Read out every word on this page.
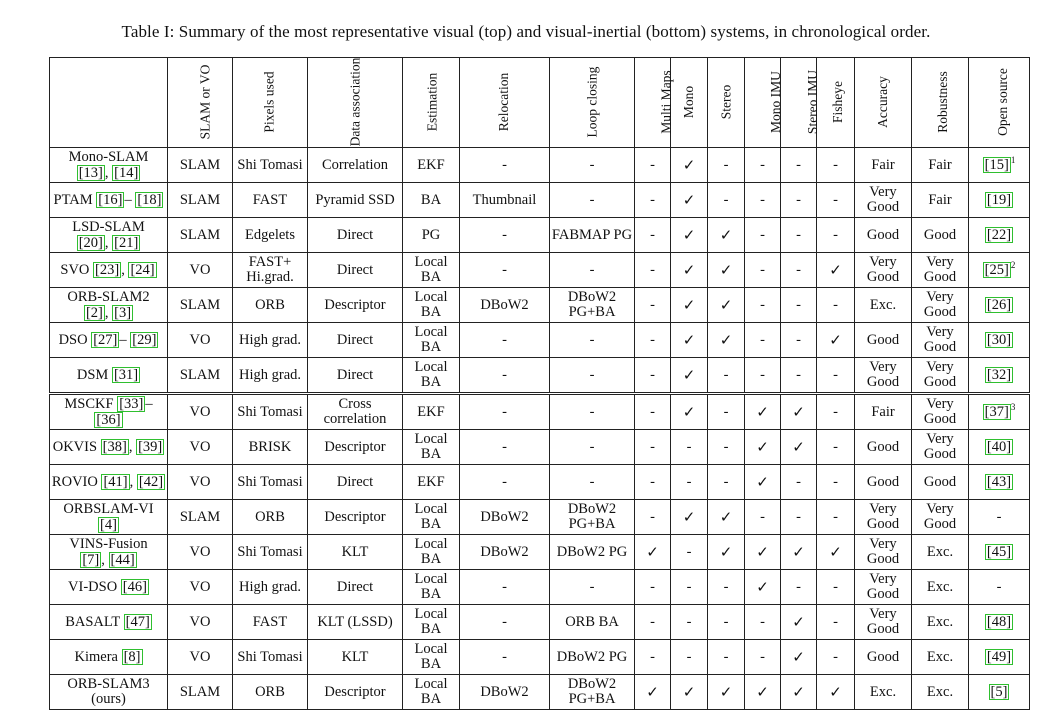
Table I: Summary of the most representative visual (top) and visual-inertial (bottom) systems, in chronological order.
	SLAM or VO	Pixels used	Data association	Estimation	Relocation	Loop closing	Multi Maps	Mono	Stereo	Mono IMU	Stereo IMU	Fisheye	Accuracy	Robustness	Open source
Mono-SLAM
[13] , [14]	SLAM	Shi Tomasi	Correlation	EKF	-	-	-	✓	-	-	-	-	Fair	Fair	[15] $^1$
PTAM [16] – [18]	SLAM	FAST	Pyramid SSD	BA	Thumbnail	-	-	✓	-	-	-	-	Very Good	Fair	[19]
LSD-SLAM
[20] , [21]	SLAM	Edgelets	Direct	PG	-	FABMAP PG	-	✓	✓	-	-	-	Good	Good	[22]
SVO [23] , [24]	VO	FAST+ Hi.grad.	Direct	Local BA	-	-	-	✓	✓	-	-	✓	Very Good	Very Good	[25] $^2$
ORB-SLAM2
[2] , [3]	SLAM	ORB	Descriptor	Local BA	DBoW2	DBoW2 PG+BA	-	✓	✓	-	-	-	Exc.	Very Good	[26]
DSO [27] – [29]	VO	High grad.	Direct	Local BA	-	-	-	✓	✓	-	-	✓	Good	Very Good	[30]
DSM [31]	SLAM	High grad.	Direct	Local BA	-	-	-	✓	-	-	-	-	Very Good	Very Good	[32]
MSCKF [33] – [36]	VO	Shi Tomasi	Cross correlation	EKF	-	-	-	✓	-	✓	✓	-	Fair	Very Good	[37] $^3$
OKVIS [38] , [39]	VO	BRISK	Descriptor	Local BA	-	-	-	-	-	✓	✓	-	Good	Very Good	[40]
ROVIO [41] , [42]	VO	Shi Tomasi	Direct	EKF	-	-	-	-	-	✓	-	-	Good	Good	[43]
ORBSLAM-VI
[4]	SLAM	ORB	Descriptor	Local BA	DBoW2	DBoW2 PG+BA	-	✓	✓	-	-	-	Very Good	Very Good	-
VINS-Fusion
[7] , [44]	VO	Shi Tomasi	KLT	Local BA	DBoW2	DBoW2 PG	✓	-	✓	✓	✓	✓	Very Good	Exc.	[45]
VI-DSO [46]	VO	High grad.	Direct	Local BA	-	-	-	-	-	✓	-	-	Very Good	Exc.	-
BASALT [47]	VO	FAST	KLT (LSSD)	Local BA	-	ORB BA	-	-	-	-	✓	-	Very Good	Exc.	[48]
Kimera [8]	VO	Shi Tomasi	KLT	Local BA	-	DBoW2 PG	-	-	-	-	✓	-	Good	Exc.	[49]
ORB-SLAM3
(ours)	SLAM	ORB	Descriptor	Local BA	DBoW2	DBoW2 PG+BA	✓	✓	✓	✓	✓	✓	Exc.	Exc.	[5]
